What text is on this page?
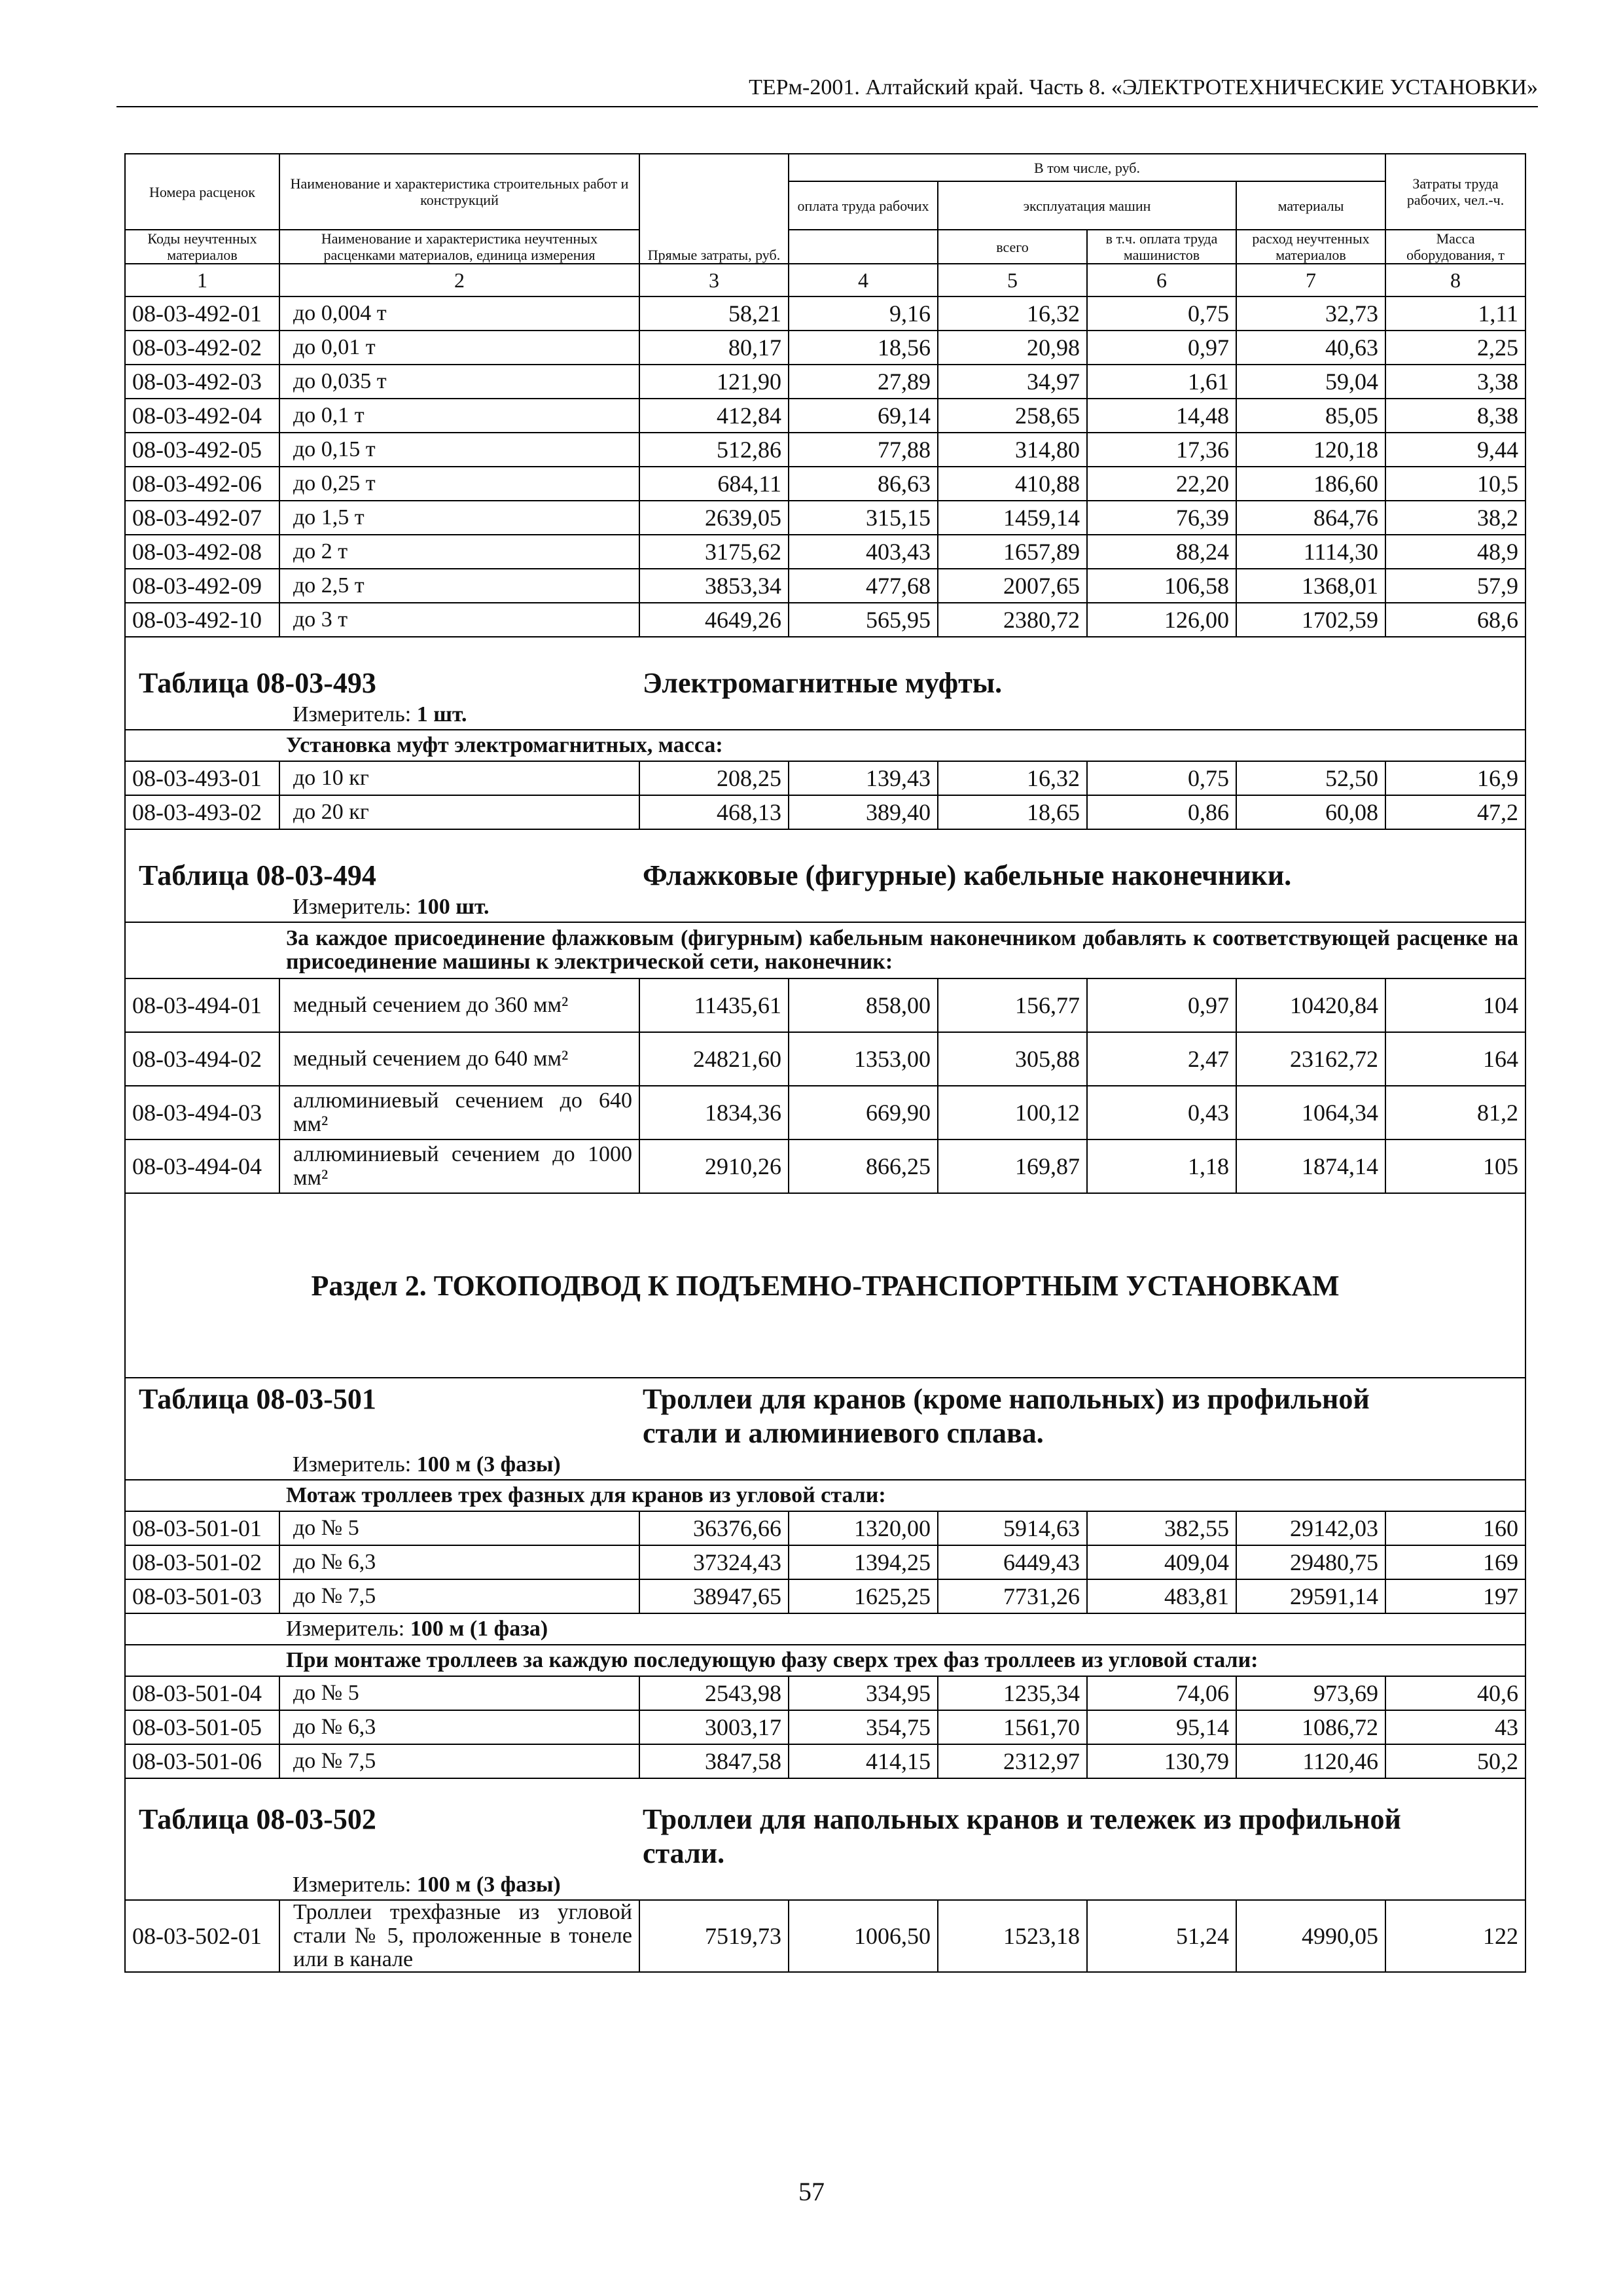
ТЕРм-2001. Алтайский край. Часть 8. «ЭЛЕКТРОТЕХНИЧЕСКИЕ УСТАНОВКИ»
Номера расценок	Наименование и характеристика строительных работ и конструкций	Прямые затраты, руб.	В том числе, руб.				Затраты труда рабочих, чел.-ч.
			оплата труда рабочих	эксплуатация машин		материалы	
Коды неучтенных материалов	Наименование и характеристика неучтенных расценками материалов, единица измерения			всего	в т.ч. оплата труда машинистов	расход неучтенных материалов	Масса оборудования, т

1	2	3	4	5	6	7	8
08-03-492-01	до 0,004 т	58,21	9,16	16,32	0,75	32,73	1,11
08-03-492-02	до 0,01 т	80,17	18,56	20,98	0,97	40,63	2,25
08-03-492-03	до 0,035 т	121,90	27,89	34,97	1,61	59,04	3,38
08-03-492-04	до 0,1 т	412,84	69,14	258,65	14,48	85,05	8,38
08-03-492-05	до 0,15 т	512,86	77,88	314,80	17,36	120,18	9,44
08-03-492-06	до 0,25 т	684,11	86,63	410,88	22,20	186,60	10,5
08-03-492-07	до 1,5 т	2639,05	315,15	1459,14	76,39	864,76	38,2
08-03-492-08	до 2 т	3175,62	403,43	1657,89	88,24	1114,30	48,9
08-03-492-09	до 2,5 т	3853,34	477,68	2007,65	106,58	1368,01	57,9
08-03-492-10	до 3 т	4649,26	565,95	2380,72	126,00	1702,59	68,6

Таблица 08-03-493 Электромагнитные муфты.
Измеритель: 1 шт.							

	Установка муфт электромагнитных, масса:						
08-03-493-01	до 10 кг	208,25	139,43	16,32	0,75	52,50	16,9
08-03-493-02	до 20 кг	468,13	389,40	18,65	0,86	60,08	47,2

Таблица 08-03-494 Флажковые (фигурные) кабельные наконечники.
Измеритель: 100 шт.							

	За каждое присоединение флажковым (фигурным) кабельным наконечником добавлять к соответствующей расценке на присоединение машины к электрической сети, наконечник:						
08-03-494-01	медный сечением до 360 мм²	11435,61	858,00	156,77	0,97	10420,84	104
08-03-494-02	медный сечением до 640 мм²	24821,60	1353,00	305,88	2,47	23162,72	164
08-03-494-03	аллюминиевый сечением до 640 мм²	1834,36	669,90	100,12	0,43	1064,34	81,2
08-03-494-04	аллюминиевый сечением до 1000 мм²	2910,26	866,25	169,87	1,18	1874,14	105
Раздел 2. ТОКОПОДВОД К ПОДЪЕМНО-ТРАНСПОРТНЫМ УСТАНОВКАМ							

Таблица 08-03-501 Троллеи для кранов (кроме напольных) из профильной стали и алюминиевого сплава.
Измеритель: 100 м (3 фазы)							

	Мотаж троллеев трех фазных для кранов из угловой стали:						
08-03-501-01	до № 5	36376,66	1320,00	5914,63	382,55	29142,03	160
08-03-501-02	до № 6,3	37324,43	1394,25	6449,43	409,04	29480,75	169
08-03-501-03	до № 7,5	38947,65	1625,25	7731,26	483,81	29591,14	197
	Измеритель: 100 м (1 фаза)						
	При монтаже троллеев за каждую последующую фазу сверх трех фаз троллеев из угловой стали:						
08-03-501-04	до № 5	2543,98	334,95	1235,34	74,06	973,69	40,6
08-03-501-05	до № 6,3	3003,17	354,75	1561,70	95,14	1086,72	43
08-03-501-06	до № 7,5	3847,58	414,15	2312,97	130,79	1120,46	50,2

Таблица 08-03-502 Троллеи для напольных кранов и тележек из профильной стали.
Измеритель: 100 м (3 фазы)							

08-03-502-01	Троллеи трехфазные из угловой стали № 5, проложенные в тонеле или в канале	7519,73	1006,50	1523,18	51,24	4990,05	122
57
